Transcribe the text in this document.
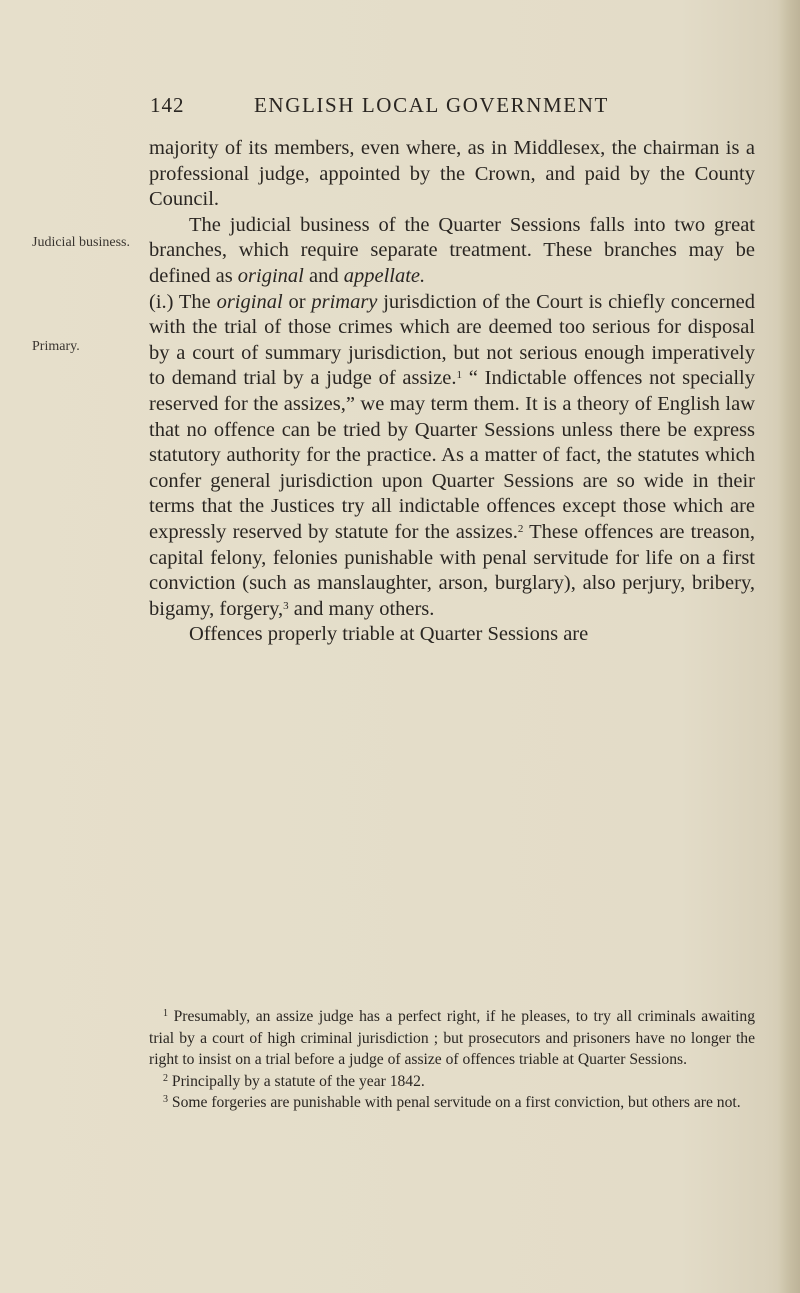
142	ENGLISH LOCAL GOVERNMENT
Judicial business.
Primary.

majority of its members, even where, as in Middlesex, the chairman is a professional judge, appointed by the Crown, and paid by the County Council.

The judicial business of the Quarter Sessions falls into two great branches, which require separate treatment. These branches may be defined as original and appellate.

(i.) The original or primary jurisdiction of the Court is chiefly concerned with the trial of those crimes which are deemed too serious for disposal by a court of summary jurisdiction, but not serious enough imperatively to demand trial by a judge of assize.$^1$ “ Indictable offences not specially reserved for the assizes,” we may term them. It is a theory of English law that no offence can be tried by Quarter Sessions unless there be express statutory authority for the practice. As a matter of fact, the statutes which confer general jurisdiction upon Quarter Sessions are so wide in their terms that the Justices try all indictable offences except those which are expressly reserved by statute for the assizes.$^2$ These offences are treason, capital felony, felonies punishable with penal servitude for life on a first conviction (such as manslaughter, arson, burglary), also perjury, bribery, bigamy, forgery,$^3$ and many others.

Offences properly triable at Quarter Sessions are

$^1$ Presumably, an assize judge has a perfect right, if he pleases, to try all criminals awaiting trial by a court of high criminal jurisdiction ; but prosecutors and prisoners have no longer the right to insist on a trial before a judge of assize of offences triable at Quarter Sessions.

$^2$ Principally by a statute of the year 1842.

$^3$ Some forgeries are punishable with penal servitude on a first conviction, but others are not.
